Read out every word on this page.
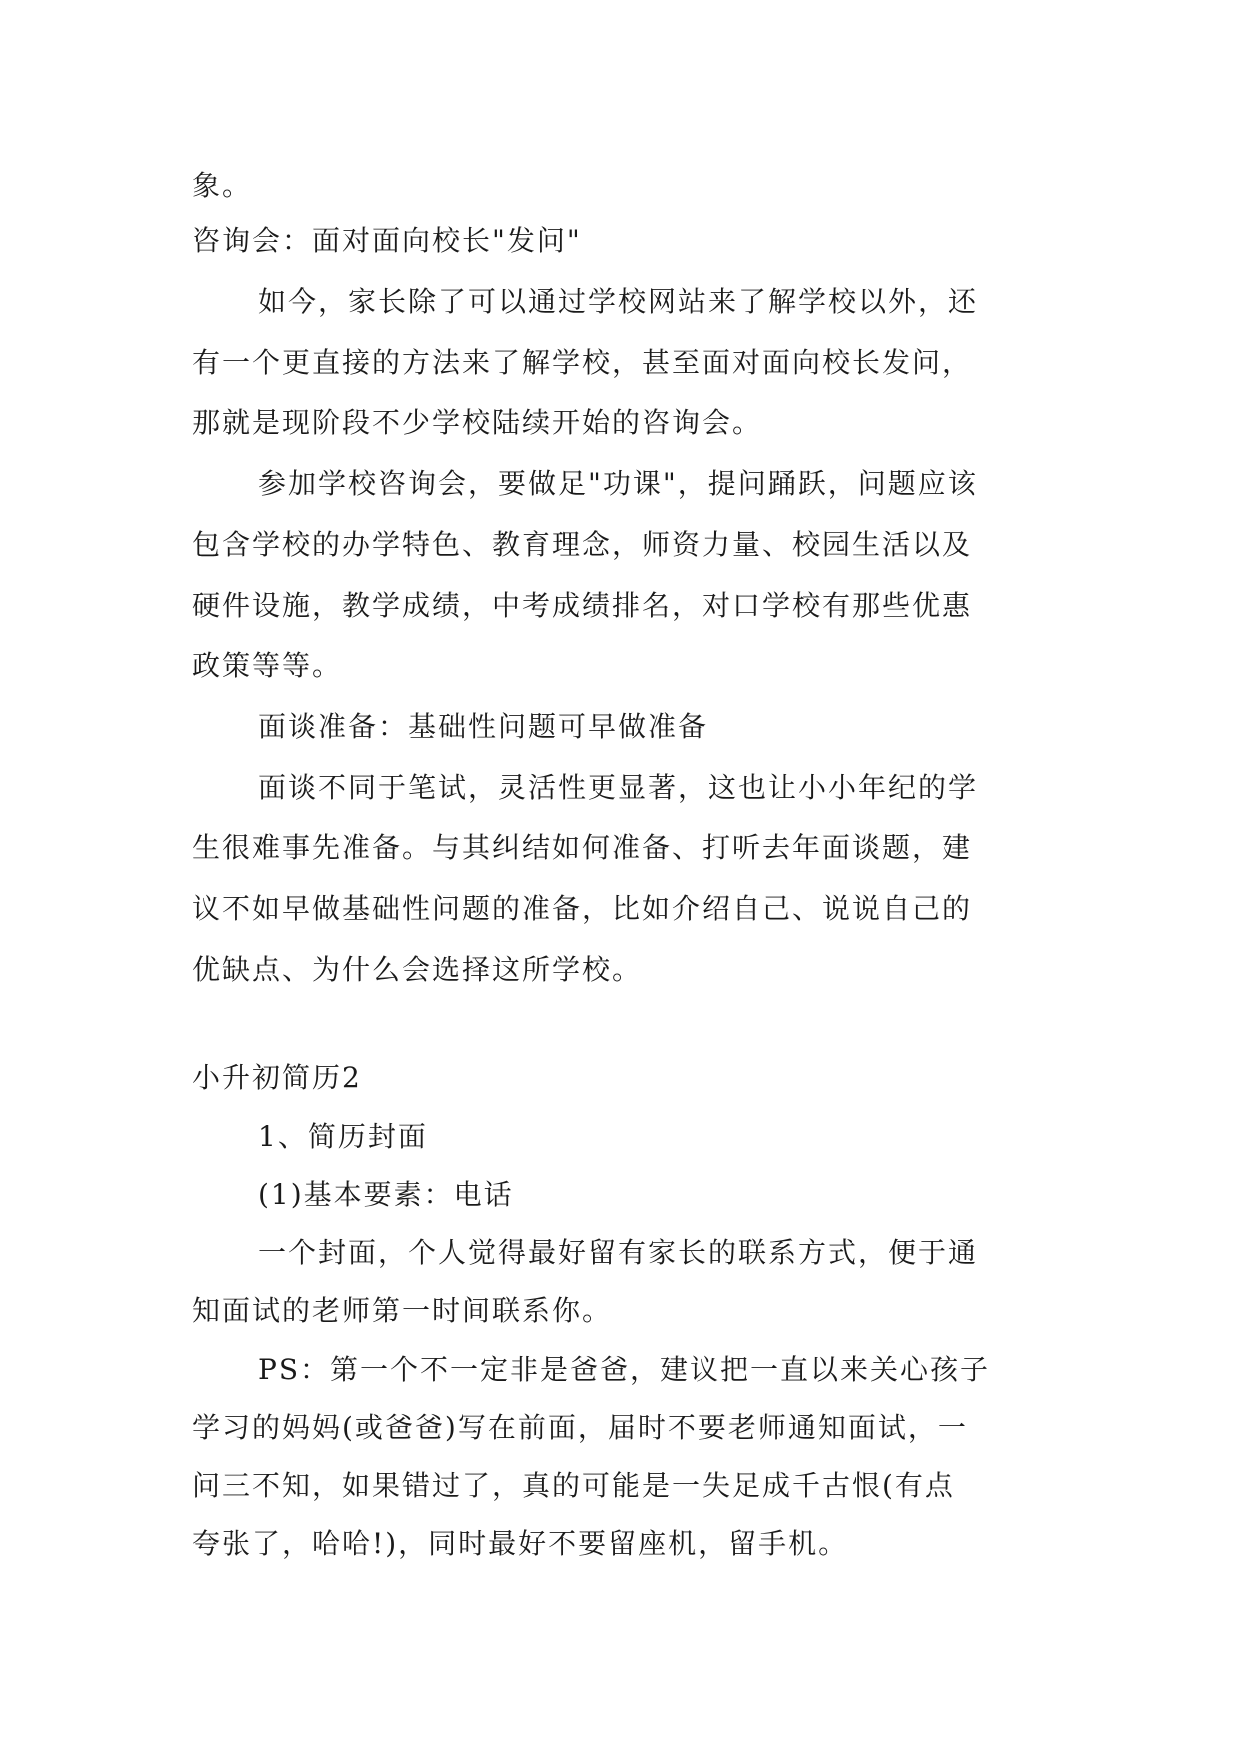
象。
咨询会：面对面向校长"发问"
如今，家长除了可以通过学校网站来了解学校以外，还
有一个更直接的方法来了解学校，甚至面对面向校长发问，
那就是现阶段不少学校陆续开始的咨询会。
参加学校咨询会，要做足"功课"，提问踊跃，问题应该
包含学校的办学特色、教育理念，师资力量、校园生活以及
硬件设施，教学成绩，中考成绩排名，对口学校有那些优惠
政策等等。
面谈准备：基础性问题可早做准备
面谈不同于笔试，灵活性更显著，这也让小小年纪的学
生很难事先准备。与其纠结如何准备、打听去年面谈题，建
议不如早做基础性问题的准备，比如介绍自己、说说自己的
优缺点、为什么会选择这所学校。
小升初简历2
1、简历封面
(1)基本要素：电话
一个封面，个人觉得最好留有家长的联系方式，便于通
知面试的老师第一时间联系你。
PS：第一个不一定非是爸爸，建议把一直以来关心孩子
学习的妈妈(或爸爸)写在前面，届时不要老师通知面试，一
问三不知，如果错过了，真的可能是一失足成千古恨(有点
夸张了，哈哈!)，同时最好不要留座机，留手机。
